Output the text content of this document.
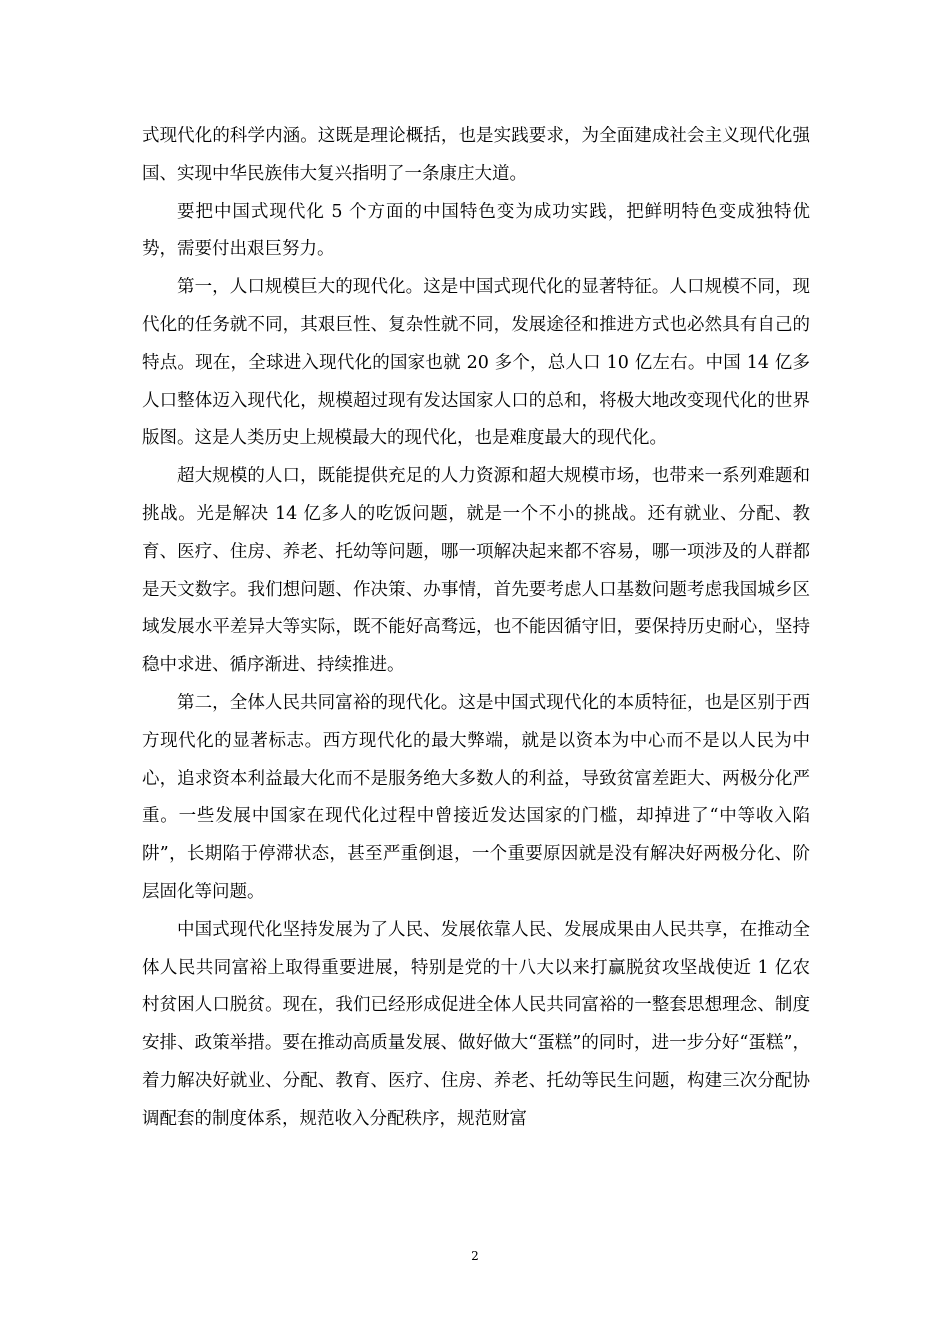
式现代化的科学内涵。这既是理论概括，也是实践要求，为全面建成社会主义现代化强国、实现中华民族伟大复兴指明了一条康庄大道。

要把中国式现代化 5 个方面的中国特色变为成功实践，把鲜明特色变成独特优势，需要付出艰巨努力。

第一，人口规模巨大的现代化。这是中国式现代化的显著特征。人口规模不同，现代化的任务就不同，其艰巨性、复杂性就不同，发展途径和推进方式也必然具有自己的特点。现在，全球进入现代化的国家也就 20 多个，总人口 10 亿左右。中国 14 亿多人口整体迈入现代化，规模超过现有发达国家人口的总和，将极大地改变现代化的世界版图。这是人类历史上规模最大的现代化，也是难度最大的现代化。

超大规模的人口，既能提供充足的人力资源和超大规模市场，也带来一系列难题和挑战。光是解决 14 亿多人的吃饭问题，就是一个不小的挑战。还有就业、分配、教育、医疗、住房、养老、托幼等问题，哪一项解决起来都不容易，哪一项涉及的人群都是天文数字。我们想问题、作决策、办事情，首先要考虑人口基数问题考虑我国城乡区域发展水平差异大等实际，既不能好高骛远，也不能因循守旧，要保持历史耐心，坚持稳中求进、循序渐进、持续推进。

第二，全体人民共同富裕的现代化。这是中国式现代化的本质特征，也是区别于西方现代化的显著标志。西方现代化的最大弊端，就是以资本为中心而不是以人民为中心，追求资本利益最大化而不是服务绝大多数人的利益，导致贫富差距大、两极分化严重。一些发展中国家在现代化过程中曾接近发达国家的门槛，却掉进了“中等收入陷阱”，长期陷于停滞状态，甚至严重倒退，一个重要原因就是没有解决好两极分化、阶层固化等问题。

中国式现代化坚持发展为了人民、发展依靠人民、发展成果由人民共享，在推动全体人民共同富裕上取得重要进展，特别是党的十八大以来打赢脱贫攻坚战使近 1 亿农村贫困人口脱贫。现在，我们已经形成促进全体人民共同富裕的一整套思想理念、制度安排、政策举措。要在推动高质量发展、做好做大“蛋糕”的同时，进一步分好“蛋糕”，着力解决好就业、分配、教育、医疗、住房、养老、托幼等民生问题，构建三次分配协调配套的制度体系，规范收入分配秩序，规范财富

2
